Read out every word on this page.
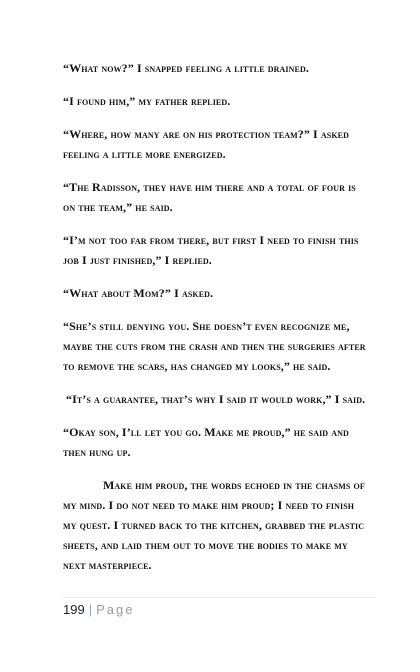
“What now?” I snapped feeling a little drained.

“I found him,” my father replied.

“Where, how many are on his protection team?” I asked feeling a little more energized.

“The Radisson, they have him there and a total of four is on the team,” he said.

“I’m not too far from there, but first I need to finish this job I just finished,” I replied.

“What about Mom?” I asked.

“She’s still denying you. She doesn’t even recognize me, maybe the cuts from the crash and then the surgeries after to remove the scars, has changed my looks,” he said.

“It’s a guarantee, that’s why I said it would work,” I said.

“Okay son, I’ll let you go. Make me proud,” he said and then hung up.

Make him proud, the words echoed in the chasms of my mind. I do not need to make him proud; I need to finish my quest. I turned back to the kitchen, grabbed the plastic sheets, and laid them out to move the bodies to make my next masterpiece.

199 | Page
